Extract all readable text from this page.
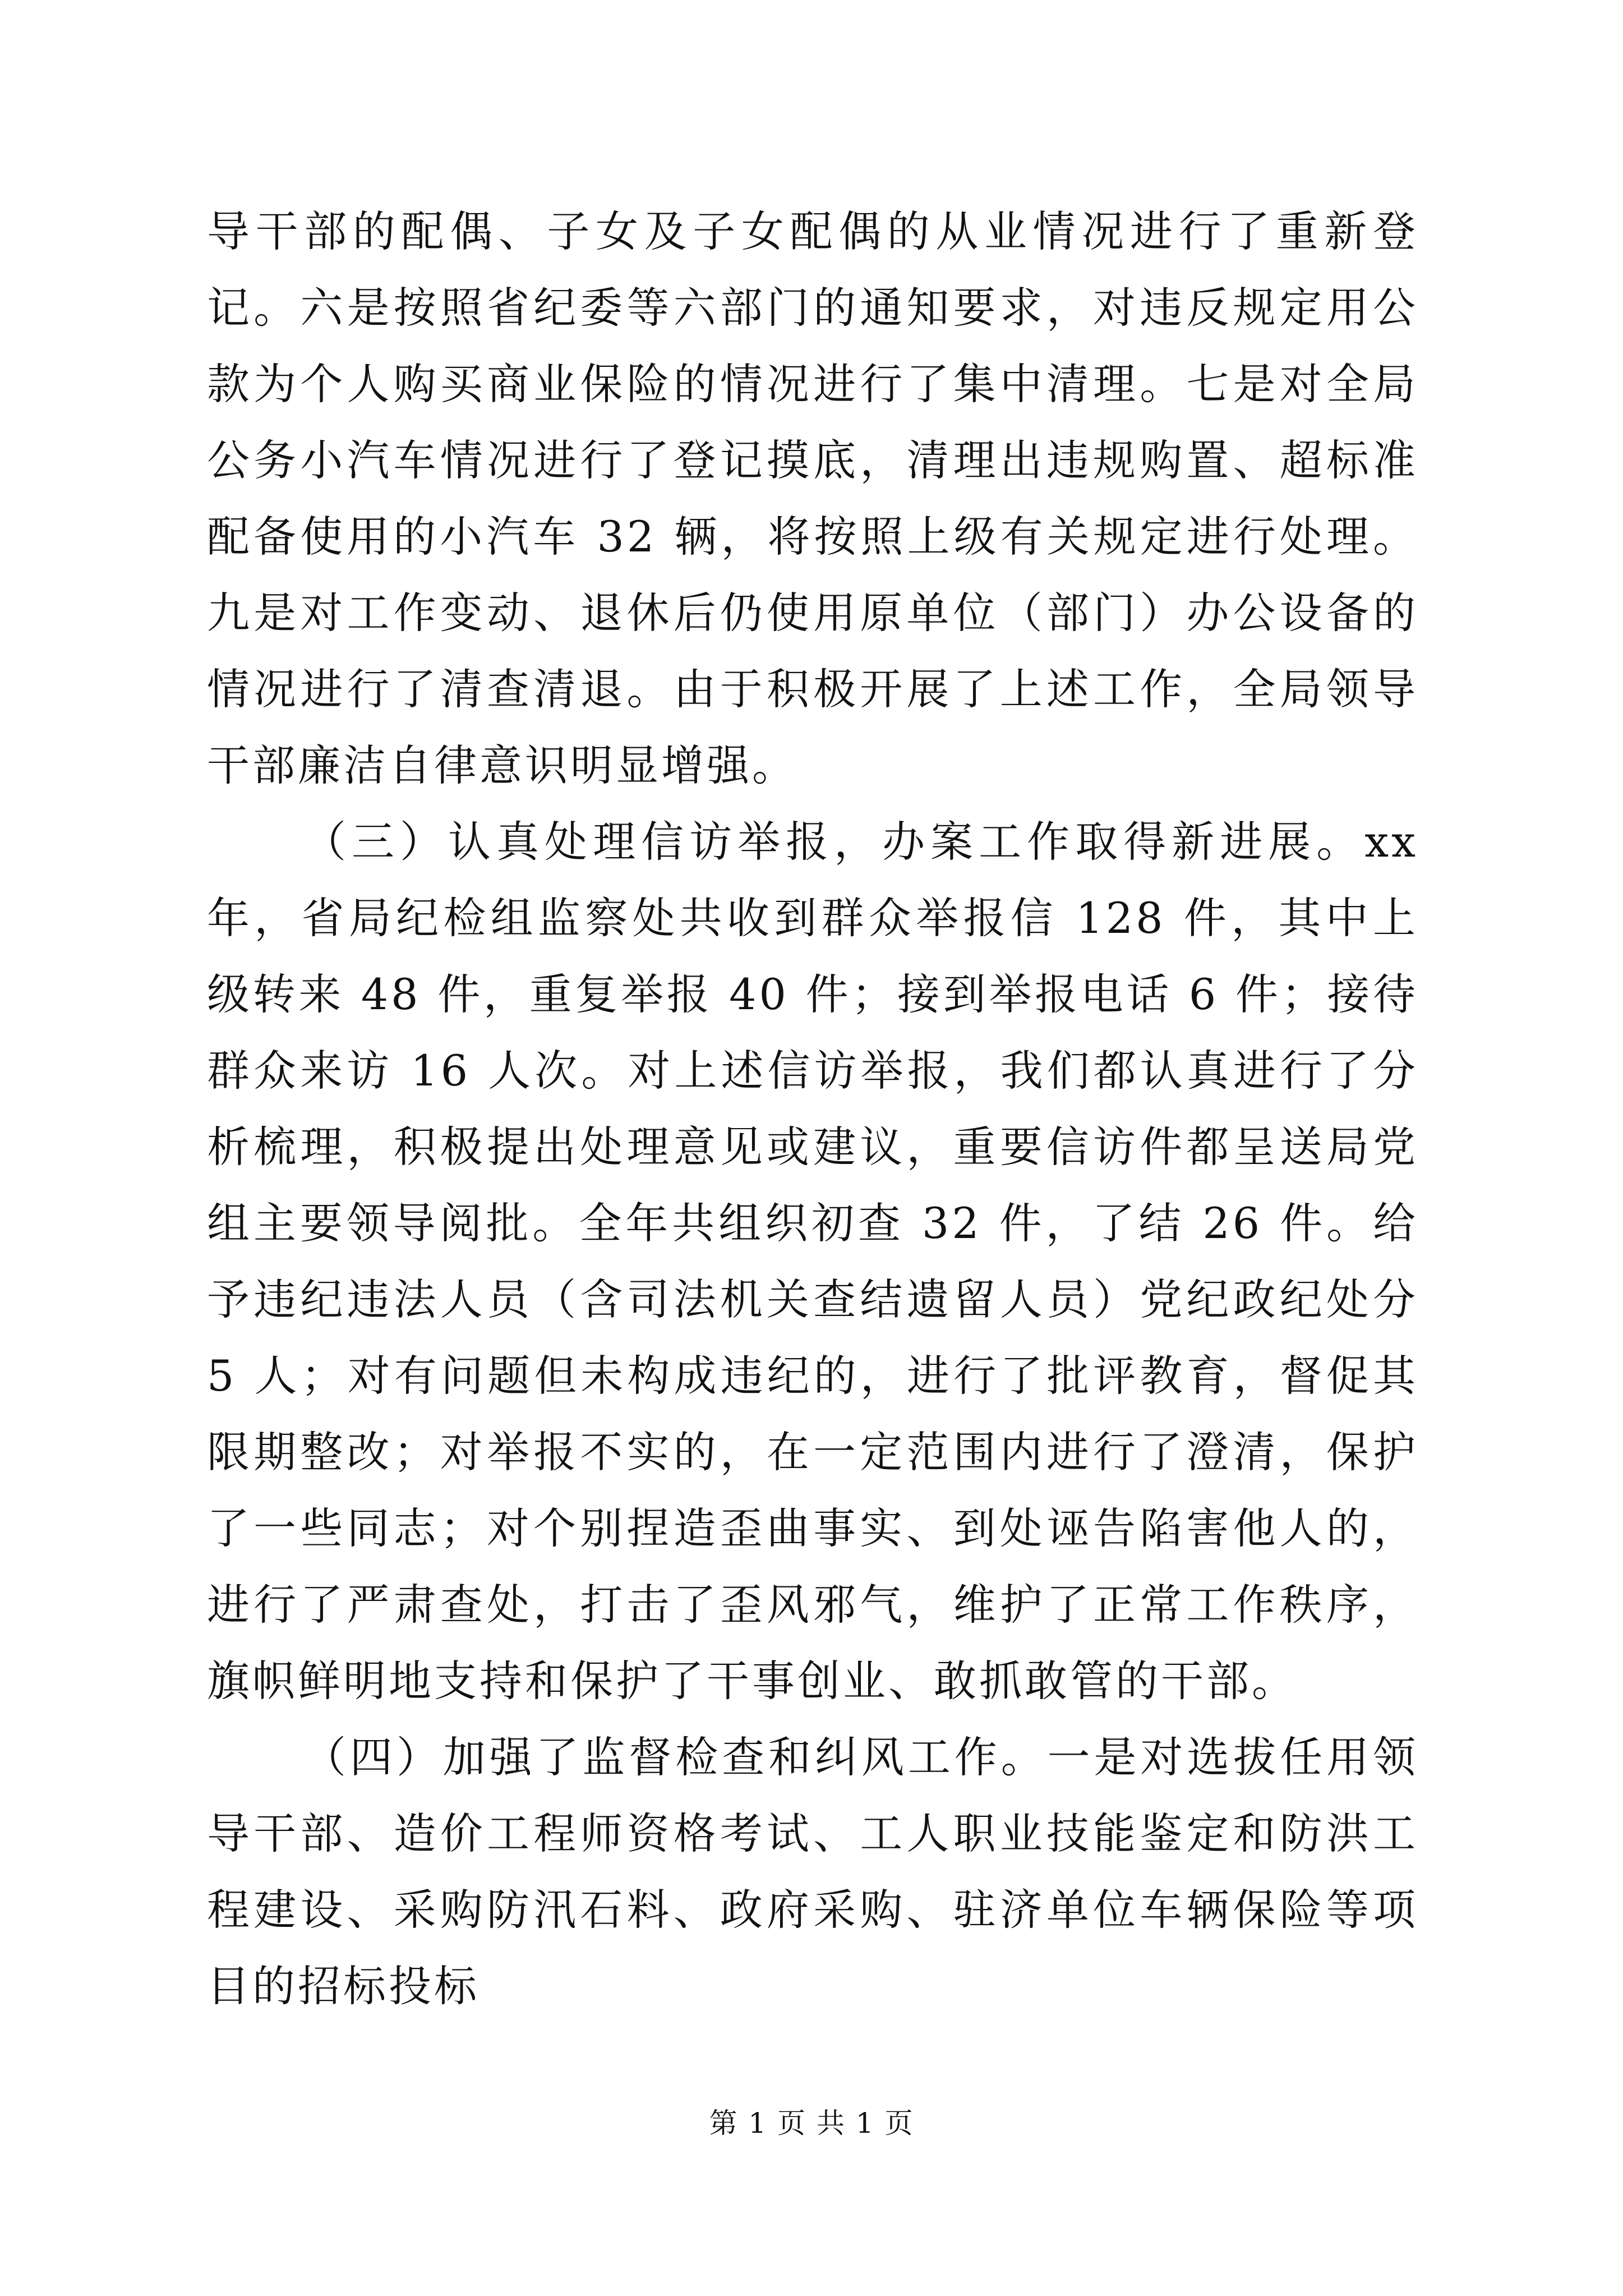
导干部的配偶、子女及子女配偶的从业情况进行了重新登记。六是按照省纪委等六部门的通知要求，对违反规定用公款为个人购买商业保险的情况进行了集中清理。七是对全局公务小汽车情况进行了登记摸底，清理出违规购置、超标准配备使用的小汽车 32 辆，将按照上级有关规定进行处理。九是对工作变动、退休后仍使用原单位（部门）办公设备的情况进行了清查清退。由于积极开展了上述工作，全局领导干部廉洁自律意识明显增强。

（三）认真处理信访举报，办案工作取得新进展。xx 年，省局纪检组监察处共收到群众举报信 128 件，其中上级转来 48 件，重复举报 40 件；接到举报电话 6 件；接待群众来访 16 人次。对上述信访举报，我们都认真进行了分析梳理，积极提出处理意见或建议，重要信访件都呈送局党组主要领导阅批。全年共组织初查 32 件，了结 26 件。给予违纪违法人员（含司法机关查结遗留人员）党纪政纪处分 5 人；对有问题但未构成违纪的，进行了批评教育，督促其限期整改；对举报不实的，在一定范围内进行了澄清，保护了一些同志；对个别捏造歪曲事实、到处诬告陷害他人的，进行了严肃查处，打击了歪风邪气，维护了正常工作秩序，旗帜鲜明地支持和保护了干事创业、敢抓敢管的干部。

（四）加强了监督检查和纠风工作。一是对选拔任用领导干部、造价工程师资格考试、工人职业技能鉴定和防洪工程建设、采购防汛石料、政府采购、驻济单位车辆保险等项目的招标投标

第 1 页 共 1 页
